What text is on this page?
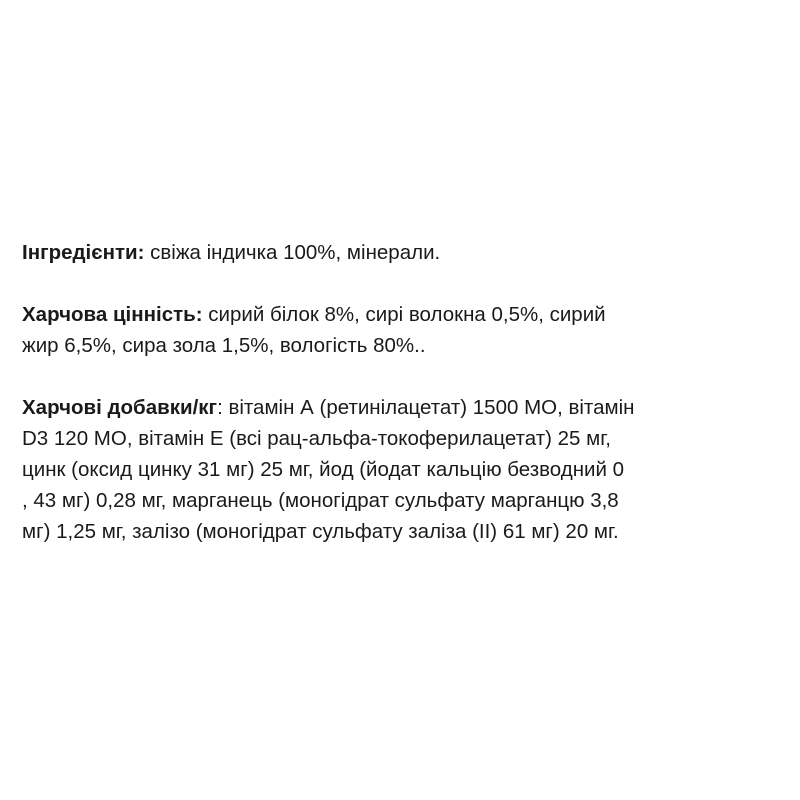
Інгредієнти: свіжа індичка 100%, мінерали.

Харчова цінність: сирий білок 8%, сирі волокна 0,5%, сирий
жир 6,5%, сира зола 1,5%, вологість 80%..

Харчові добавки/кг: вітамін А (ретинілацетат) 1500 МО, вітамін
D3 120 МО, вітамін Е (всі рац-альфа-токоферилацетат) 25 мг,
цинк (оксид цинку 31 мг) 25 мг, йод (йодат кальцію безводний 0
, 43 мг) 0,28 мг, марганець (моногідрат сульфату марганцю 3,8
мг) 1,25 мг, залізо (моногідрат сульфату заліза (ІІ) 61 мг) 20 мг.
